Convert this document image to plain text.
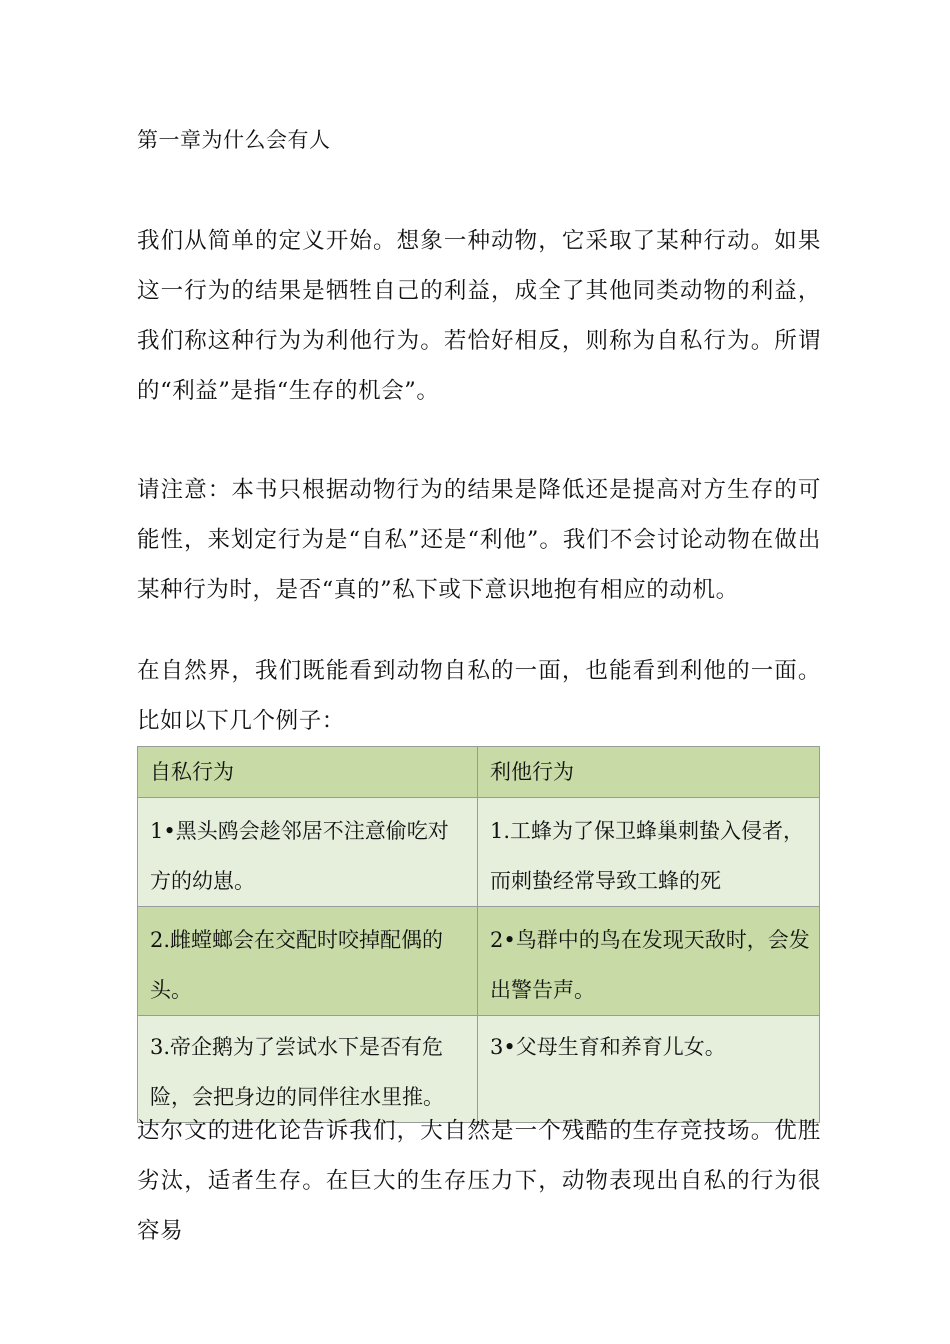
第一章为什么会有人
我们从简单的定义开始。想象一种动物，它采取了某种行动。如果这一行为的结果是牺牲自己的利益，成全了其他同类动物的利益，我们称这种行为为利他行为。若恰好相反，则称为自私行为。所谓的“利益”是指“生存的机会”。
请注意：本书只根据动物行为的结果是降低还是提高对方生存的可能性，来划定行为是“自私”还是“利他”。我们不会讨论动物在做出某种行为时，是否“真的”私下或下意识地抱有相应的动机。
在自然界，我们既能看到动物自私的一面，也能看到利他的一面。比如以下几个例子：
自私行为	利他行为

1•黑头鸥会趁邻居不注意偷吃对方的幼崽。	1.工蜂为了保卫蜂巢刺蛰入侵者，而刺蛰经常导致工蜂的死

2.雌螳螂会在交配时咬掉配偶的头。	2•鸟群中的鸟在发现天敌时，会发出警告声。

3.帝企鹅为了尝试水下是否有危险，会把身边的同伴往水里推。	3•父母生育和养育儿女。
达尔文的进化论告诉我们，大自然是一个残酷的生存竞技场。优胜劣汰，适者生存。在巨大的生存压力下，动物表现出自私的行为很容易
